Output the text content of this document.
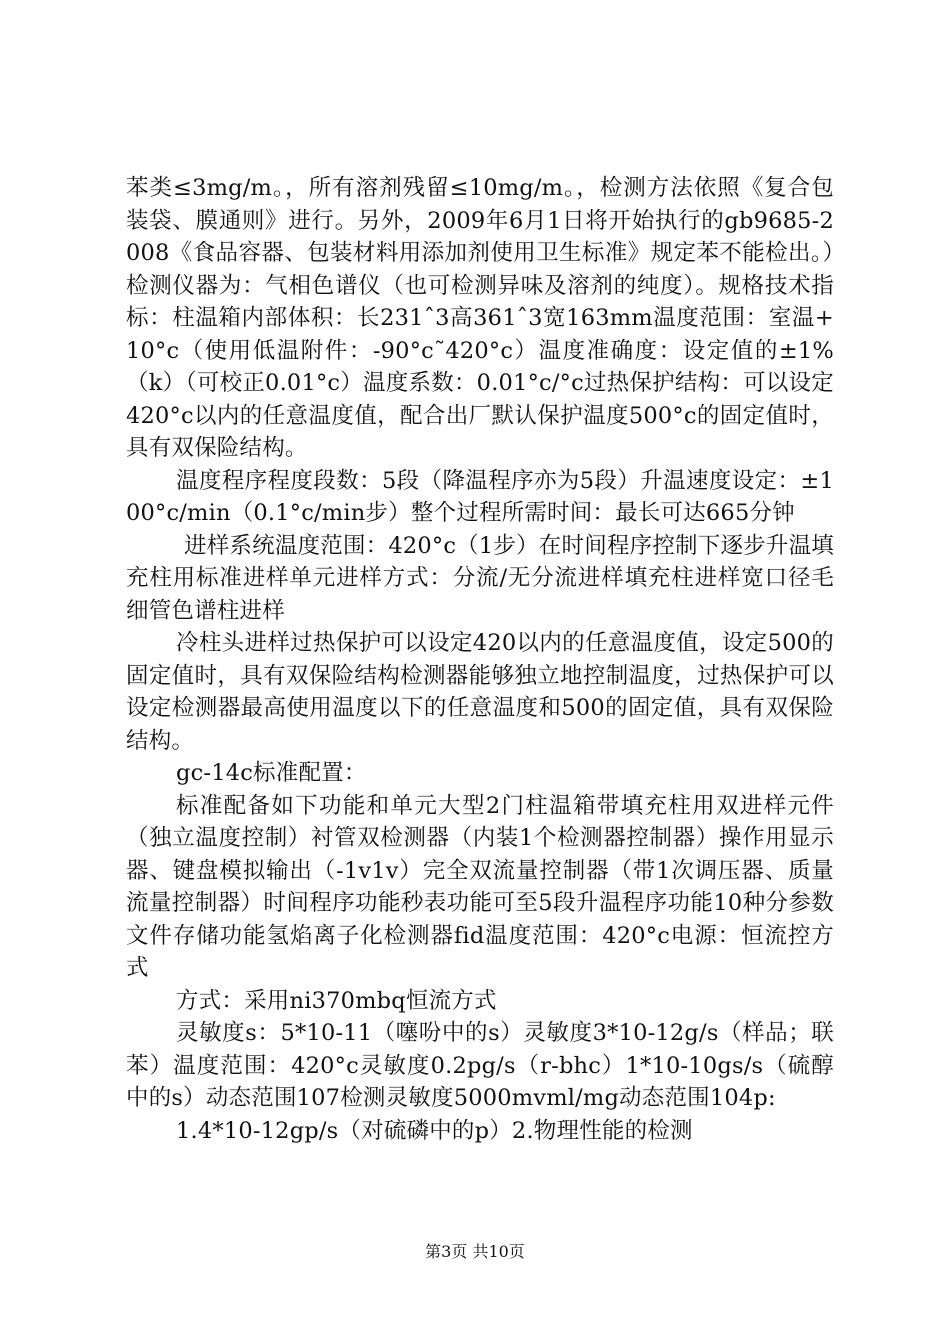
苯类≤3mg/m。，所有溶剂残留≤10mg/m。，检测方法依照《复合包装袋、膜通则》进行。另外，2009年6月1日将开始执行的gb9685-2008《食品容器、包装材料用添加剂使用卫生标准》规定苯不能检出。）检测仪器为：气相色谱仪（也可检测异味及溶剂的纯度）。规格技术指标：柱温箱内部体积：长231ˆ3高361ˆ3宽163mm温度范围：室温+10°c（使用低温附件：-90°c˜420°c）温度准确度：设定值的±1%（k）（可校正0.01°c）温度系数：0.01°c/°c过热保护结构：可以设定420°c以内的任意温度值，配合出厂默认保护温度500°c的固定值时，具有双保险结构。

温度程序程度段数：5段（降温程序亦为5段）升温速度设定：±100°c/min（0.1°c/min步）整个过程所需时间：最长可达665分钟

进样系统温度范围：420°c（1步）在时间程序控制下逐步升温填充柱用标准进样单元进样方式：分流/无分流进样填充柱进样宽口径毛细管色谱柱进样

冷柱头进样过热保护可以设定420以内的任意温度值，设定500的固定值时，具有双保险结构检测器能够独立地控制温度，过热保护可以设定检测器最高使用温度以下的任意温度和500的固定值，具有双保险结构。

gc-14c标准配置：

标准配备如下功能和单元大型2门柱温箱带填充柱用双进样元件（独立温度控制）衬管双检测器（内装1个检测器控制器）操作用显示器、键盘模拟输出（-1v1v）完全双流量控制器（带1次调压器、质量流量控制器）时间程序功能秒表功能可至5段升温程序功能10种分参数文件存储功能氢焰离子化检测器fid温度范围：420°c电源：恒流控方式

方式：采用ni370mbq恒流方式

灵敏度s：5*10-11（噻吩中的s）灵敏度3*10-12g/s（样品；联苯）温度范围：420°c灵敏度0.2pg/s（r-bhc）1*10-10gs/s（硫醇中的s）动态范围107检测灵敏度5000mvml/mg动态范围104p:

1.4*10-12gp/s（对硫磷中的p）2.物理性能的检测

第3页 共10页
